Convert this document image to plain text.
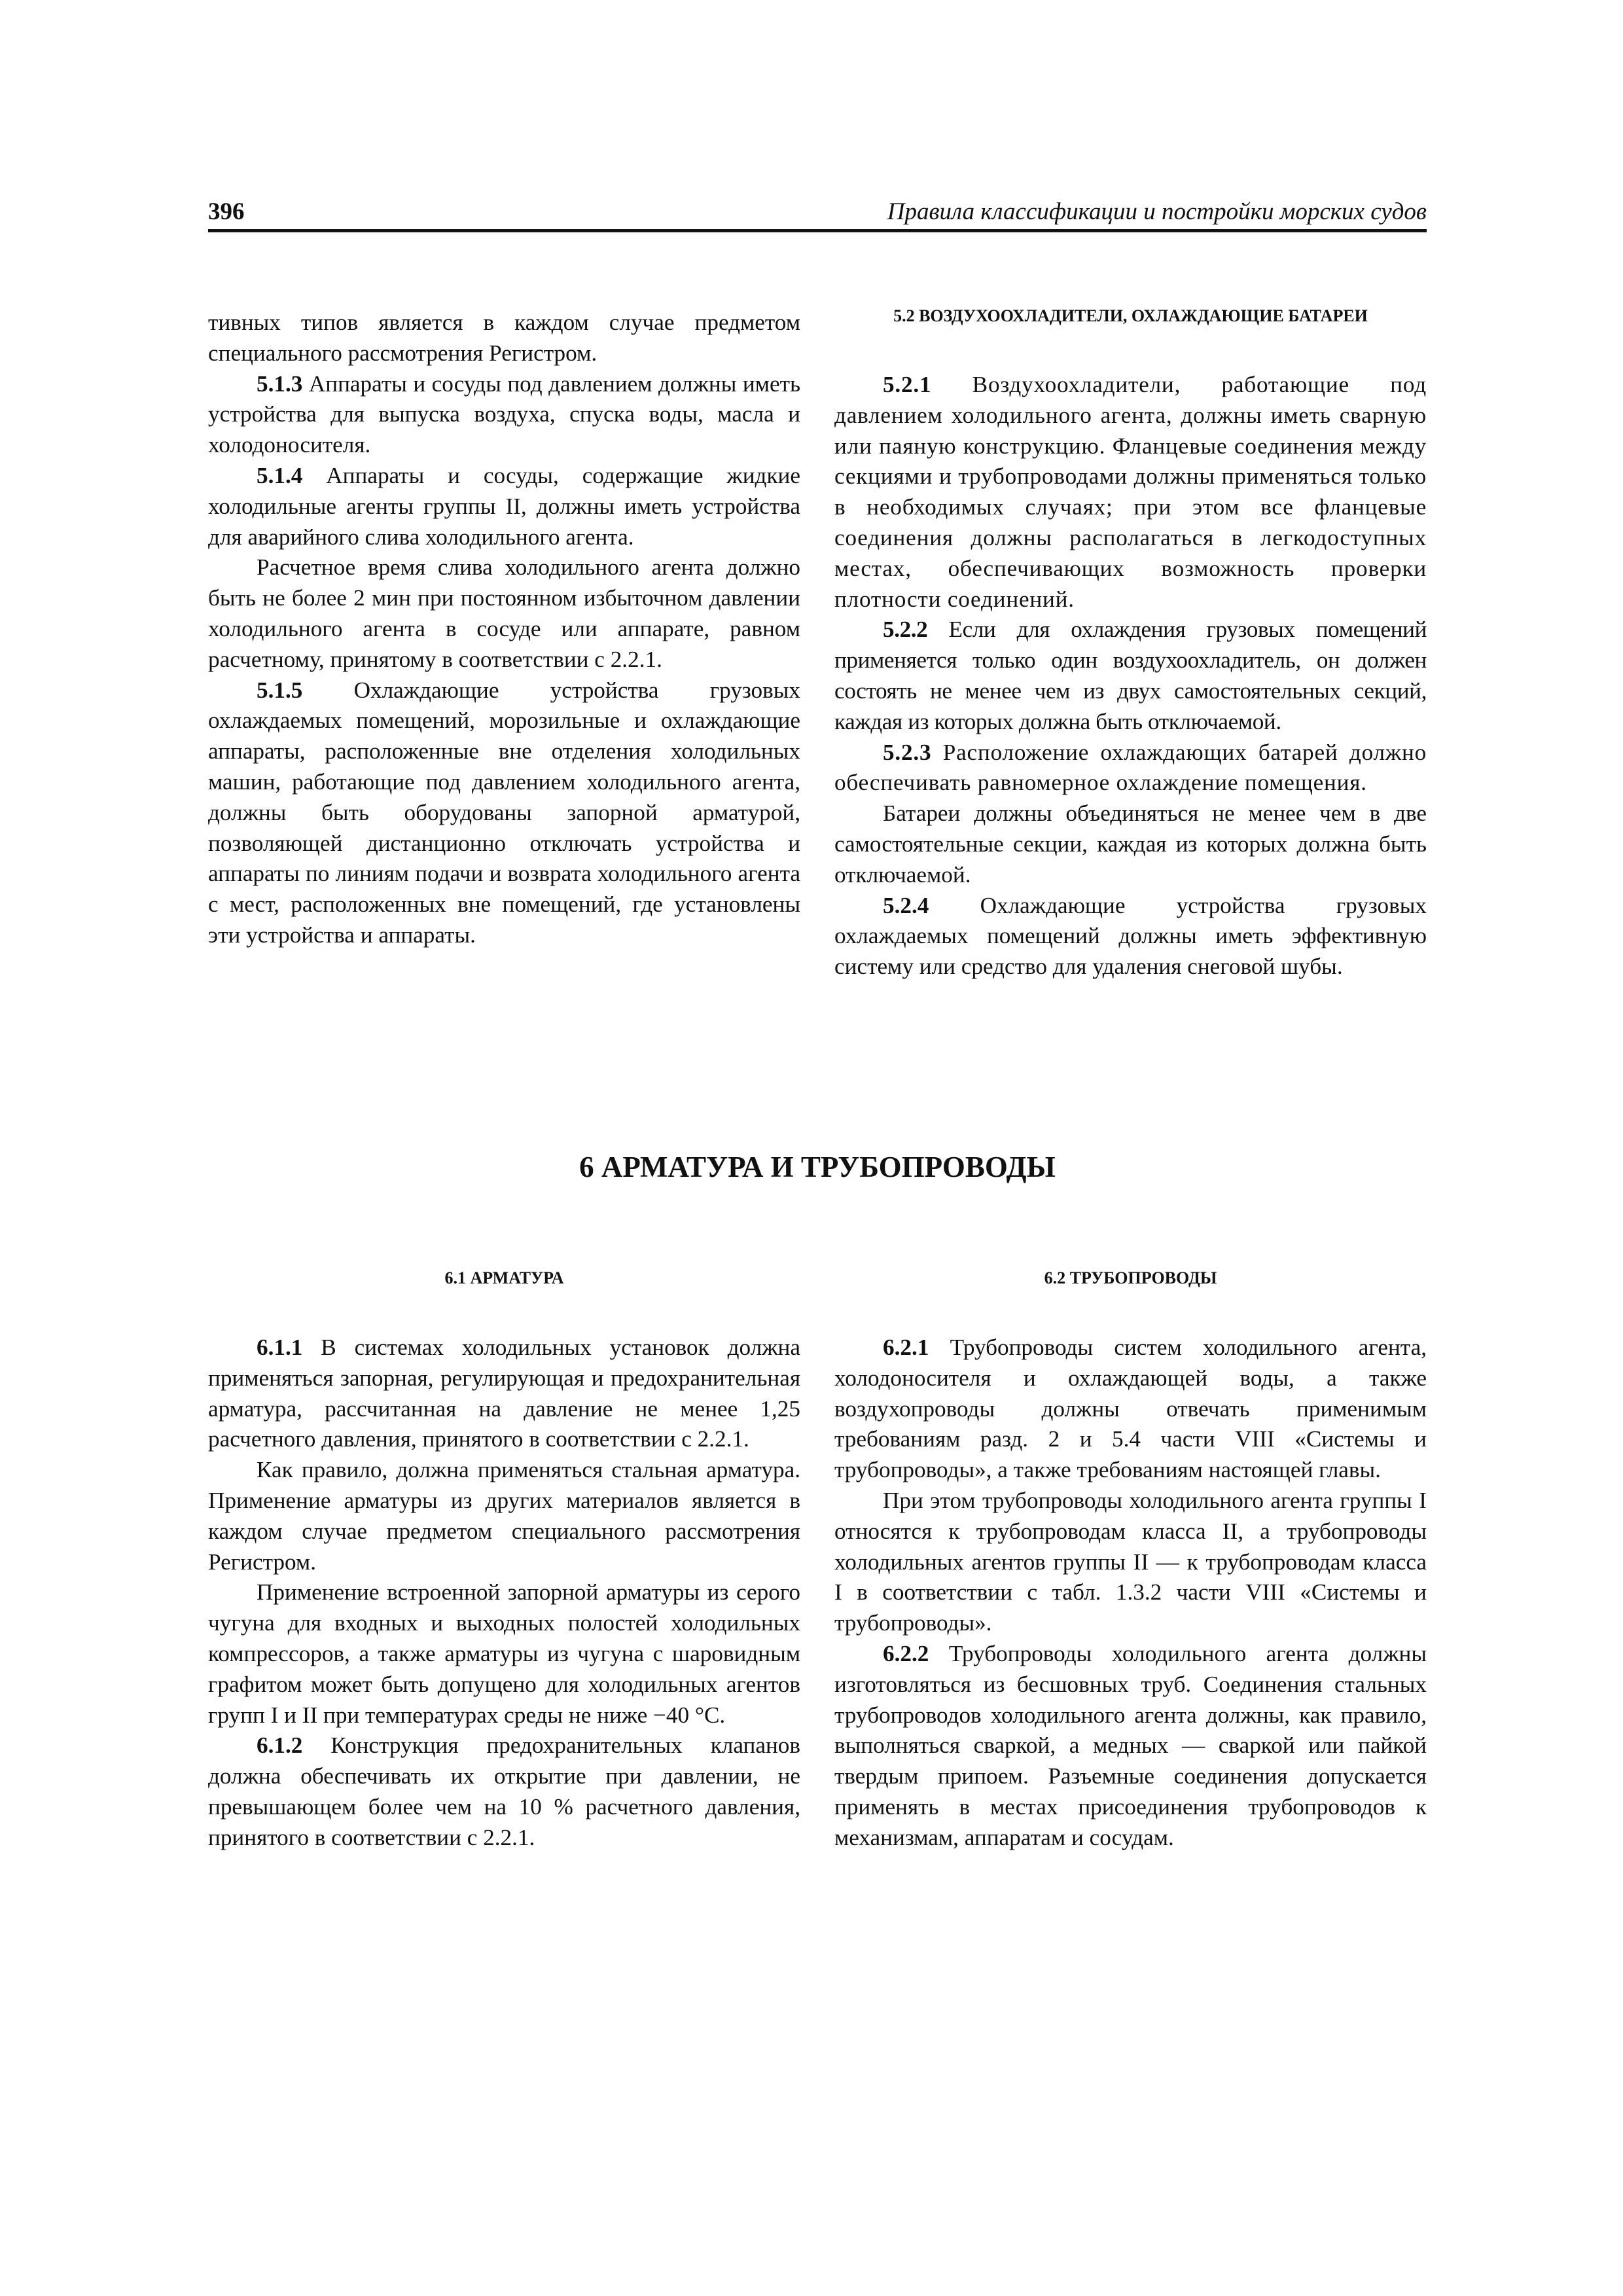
396	Правила классификации и постройки морских судов

тивных типов является в каждом случае предметом специального рассмотрения Регистром.

5.1.3 Аппараты и сосуды под давлением должны иметь устройства для выпуска воздуха, спуска воды, масла и холодоносителя.

5.1.4 Аппараты и сосуды, содержащие жидкие холодильные агенты группы II, должны иметь устройства для аварийного слива холодильного агента.

Расчетное время слива холодильного агента должно быть не более 2 мин при постоянном избыточном давлении холодильного агента в сосуде или аппарате, равном расчетному, принятому в соответствии с 2.2.1.

5.1.5 Охлаждающие устройства грузовых охлаждаемых помещений, морозильные и охлаждающие аппараты, расположенные вне отделения холодильных машин, работающие под давлением холодильного агента, должны быть оборудованы запорной арматурой, позволяющей дистанционно отключать устройства и аппараты по линиям подачи и возврата холодильного агента с мест, расположенных вне помещений, где установлены эти устройства и аппараты.

5.2 ВОЗДУХООХЛАДИТЕЛИ, ОХЛАЖДАЮЩИЕ БАТАРЕИ

5.2.1 Воздухоохладители, работающие под давлением холодильного агента, должны иметь сварную или паяную конструкцию. Фланцевые соединения между секциями и трубопроводами должны применяться только в необходимых случаях; при этом все фланцевые соединения должны располагаться в легкодоступных местах, обеспечивающих возможность проверки плотности соединений.

5.2.2 Если для охлаждения грузовых помещений применяется только один воздухоохладитель, он должен состоять не менее чем из двух самостоятельных секций, каждая из которых должна быть отключаемой.

5.2.3 Расположение охлаждающих батарей должно обеспечивать равномерное охлаждение помещения.

Батареи должны объединяться не менее чем в две самостоятельные секции, каждая из которых должна быть отключаемой.

5.2.4 Охлаждающие устройства грузовых охлаждаемых помещений должны иметь эффективную систему или средство для удаления снеговой шубы.

6 АРМАТУРА И ТРУБОПРОВОДЫ
6.1 АРМАТУРА	6.2 ТРУБОПРОВОДЫ

6.1.1 В системах холодильных установок должна применяться запорная, регулирующая и предохранительная арматура, рассчитанная на давление не менее 1,25 расчетного давления, принятого в соответствии с 2.2.1.

Как правило, должна применяться стальная арматура. Применение арматуры из других материалов является в каждом случае предметом специального рассмотрения Регистром.

Применение встроенной запорной арматуры из серого чугуна для входных и выходных полостей холодильных компрессоров, а также арматуры из чугуна с шаровидным графитом может быть допущено для холодильных агентов групп I и II при температурах среды не ниже −40 °C.

6.1.2 Конструкция предохранительных клапанов должна обеспечивать их открытие при давлении, не превышающем более чем на 10 % расчетного давления, принятого в соответствии с 2.2.1.

6.2.1 Трубопроводы систем холодильного агента, холодоносителя и охлаждающей воды, а также воздухопроводы должны отвечать применимым требованиям разд. 2 и 5.4 части VIII «Системы и трубопроводы», а также требованиям настоящей главы.

При этом трубопроводы холодильного агента группы I относятся к трубопроводам класса II, а трубопроводы холодильных агентов группы II — к трубопроводам класса I в соответствии с табл. 1.3.2 части VIII «Системы и трубопроводы».

6.2.2 Трубопроводы холодильного агента должны изготовляться из бесшовных труб. Соединения стальных трубопроводов холодильного агента должны, как правило, выполняться сваркой, а медных — сваркой или пайкой твердым припоем. Разъемные соединения допускается применять в местах присоединения трубопроводов к механизмам, аппаратам и сосудам.
